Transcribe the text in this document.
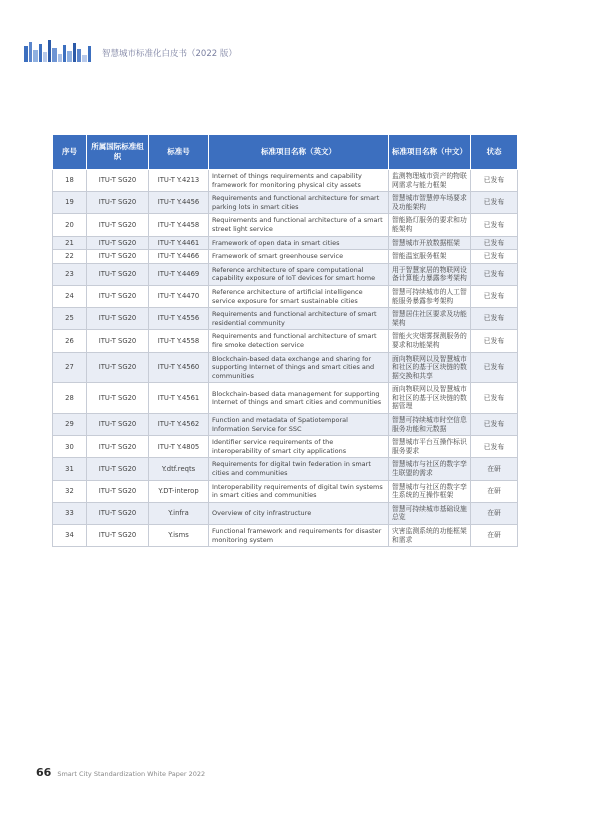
智慧城市标准化白皮书（2022 版）
序号	所属国际标准组织	标准号	标准项目名称（英文）	标准项目名称（中文）	状态
18	ITU-T SG20	ITU-T Y.4213	Internet of things requirements and capability framework for monitoring physical city assets	监测物理城市资产的物联网需求与能力框架	已发布
19	ITU-T SG20	ITU-T Y.4456	Requirements and functional architecture for smart parking lots in smart cities	智慧城市智慧停车场要求及功能架构	已发布
20	ITU-T SG20	ITU-T Y.4458	Requirements and functional architecture of a smart street light service	智能路灯服务的要求和功能架构	已发布
21	ITU-T SG20	ITU-T Y.4461	Framework of open data in smart cities	智慧城市开放数据框架	已发布
22	ITU-T SG20	ITU-T Y.4466	Framework of smart greenhouse service	智能温室服务框架	已发布
23	ITU-T SG20	ITU-T Y.4469	Reference architecture of spare computational capability exposure of IoT devices for smart home	用于智慧家居的物联网设备计算能力暴露参考架构	已发布
24	ITU-T SG20	ITU-T Y.4470	Reference architecture of artificial intelligence service exposure for smart sustainable cities	智慧可持续城市的人工智能服务暴露参考架构	已发布
25	ITU-T SG20	ITU-T Y.4556	Requirements and functional architecture of smart residential community	智慧居住社区要求及功能架构	已发布
26	ITU-T SG20	ITU-T Y.4558	Requirements and functional architecture of smart fire smoke detection service	智能火灾烟雾探测服务的要求和功能架构	已发布
27	ITU-T SG20	ITU-T Y.4560	Blockchain-based data exchange and sharing for supporting Internet of things and smart cities and communities	面向物联网以及智慧城市和社区的基于区块链的数据交换和共享	已发布
28	ITU-T SG20	ITU-T Y.4561	Blockchain-based data management for supporting Internet of things and smart cities and communities	面向物联网以及智慧城市和社区的基于区块链的数据管理	已发布
29	ITU-T SG20	ITU-T Y.4562	Function and metadata of Spatiotemporal Information Service for SSC	智慧可持续城市时空信息服务功能和元数据	已发布
30	ITU-T SG20	ITU-T Y.4805	Identifier service requirements of the interoperability of smart city applications	智慧城市平台互操作标识服务要求	已发布
31	ITU-T SG20	Y.dtf.reqts	Requirements for digital twin federation in smart cities and communities	智慧城市与社区的数字孪生联盟的需求	在研
32	ITU-T SG20	Y.DT-interop	Interoperability requirements of digital twin systems in smart cities and communities	智慧城市与社区的数字孪生系统的互操作框架	在研
33	ITU-T SG20	Y.infra	Overview of city infrastructure	智慧可持续城市基础设施总览	在研
34	ITU-T SG20	Y.isms	Functional framework and requirements for disaster monitoring system	灾害监测系统的功能框架和需求	在研
66 Smart City Standardization White Paper 2022
